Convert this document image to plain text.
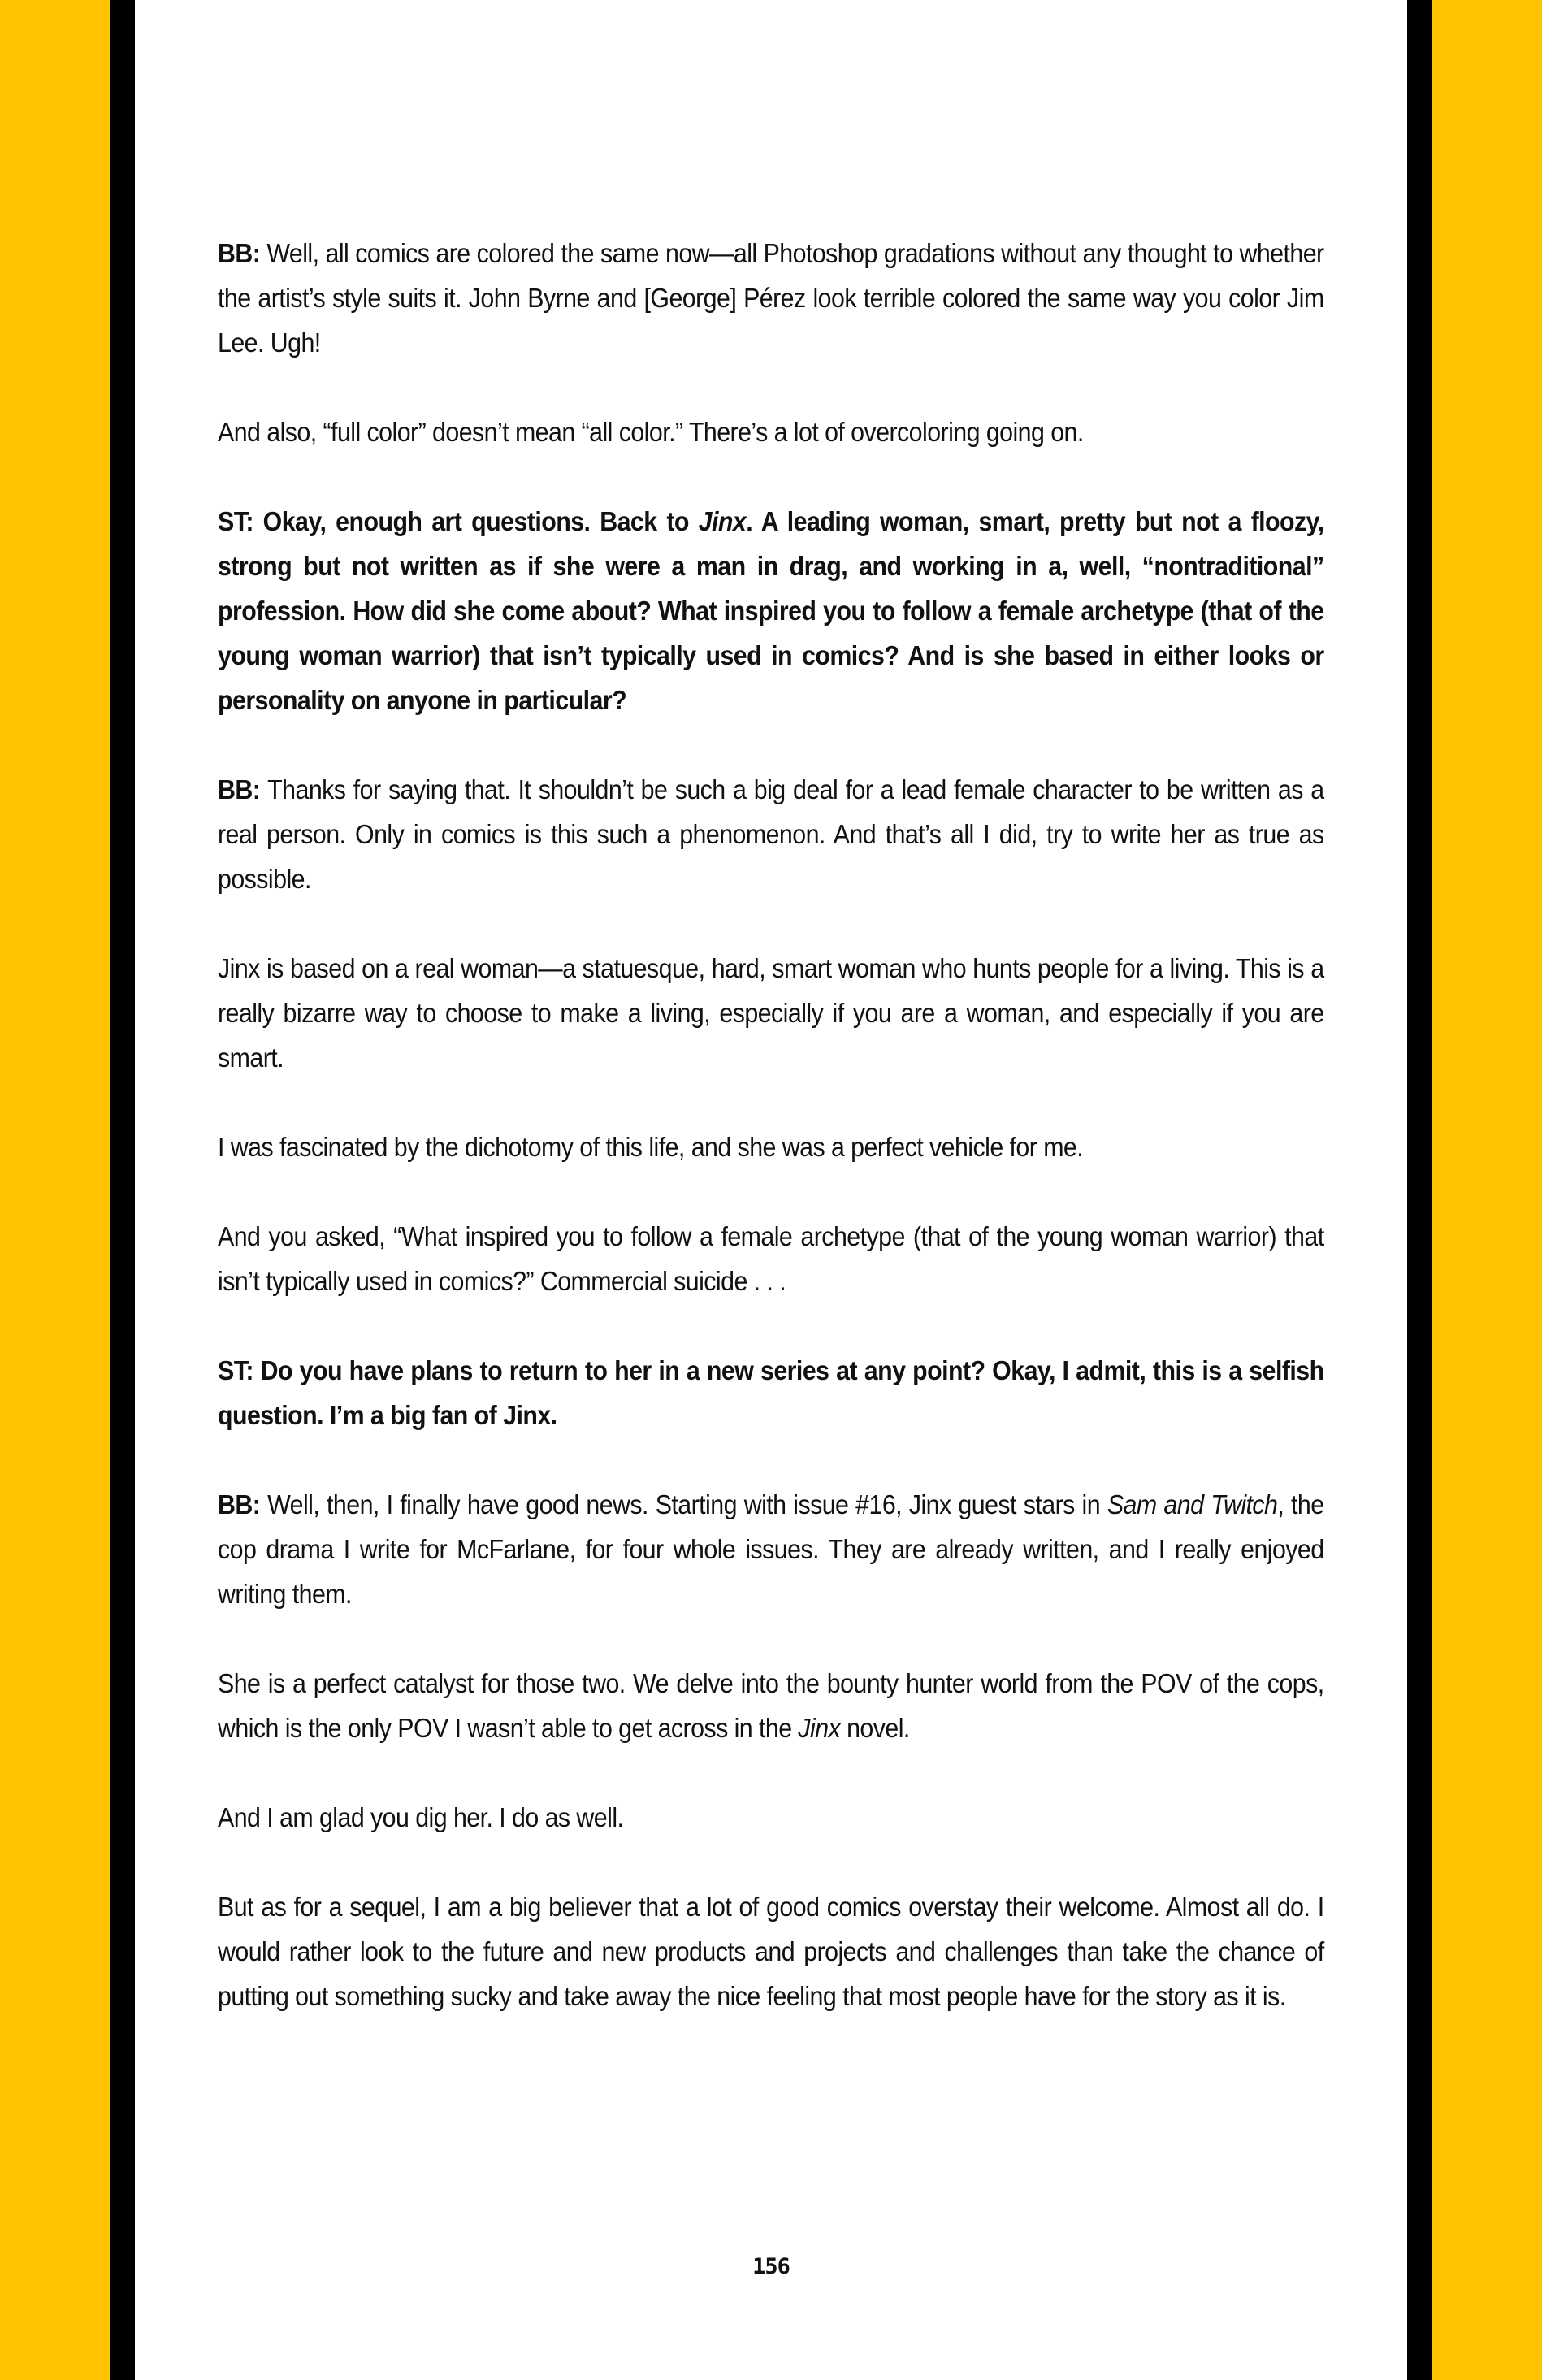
BB: Well, all comics are colored the same now—all Photoshop gradations without any thought to whether the artist’s style suits it. John Byrne and [George] Pérez look terrible colored the same way you color Jim Lee. Ugh!

And also, “full color” doesn’t mean “all color.” There’s a lot of overcoloring going on.

ST: Okay, enough art questions. Back to Jinx. A leading woman, smart, pretty but not a floozy, strong but not written as if she were a man in drag, and working in a, well, “nontraditional” profession. How did she come about? What inspired you to follow a female archetype (that of the young woman warrior) that isn’t typically used in comics? And is she based in either looks or personality on anyone in particular?

BB: Thanks for saying that. It shouldn’t be such a big deal for a lead female character to be written as a real person. Only in comics is this such a phenomenon. And that’s all I did, try to write her as true as possible.

Jinx is based on a real woman—a statuesque, hard, smart woman who hunts people for a living. This is a really bizarre way to choose to make a living, especially if you are a woman, and especially if you are smart.

I was fascinated by the dichotomy of this life, and she was a perfect vehicle for me.

And you asked, “What inspired you to follow a female archetype (that of the young woman warrior) that isn’t typically used in comics?” Commercial suicide . . .

ST: Do you have plans to return to her in a new series at any point? Okay, I admit, this is a selfish question. I’m a big fan of Jinx.

BB: Well, then, I finally have good news. Starting with issue #16, Jinx guest stars in Sam and Twitch, the cop drama I write for McFarlane, for four whole issues. They are already written, and I really enjoyed writing them.

She is a perfect catalyst for those two. We delve into the bounty hunter world from the POV of the cops, which is the only POV I wasn’t able to get across in the Jinx novel.

And I am glad you dig her. I do as well.

But as for a sequel, I am a big believer that a lot of good comics overstay their welcome. Almost all do. I would rather look to the future and new products and projects and challenges than take the chance of putting out something sucky and take away the nice feeling that most people have for the story as it is.

156
